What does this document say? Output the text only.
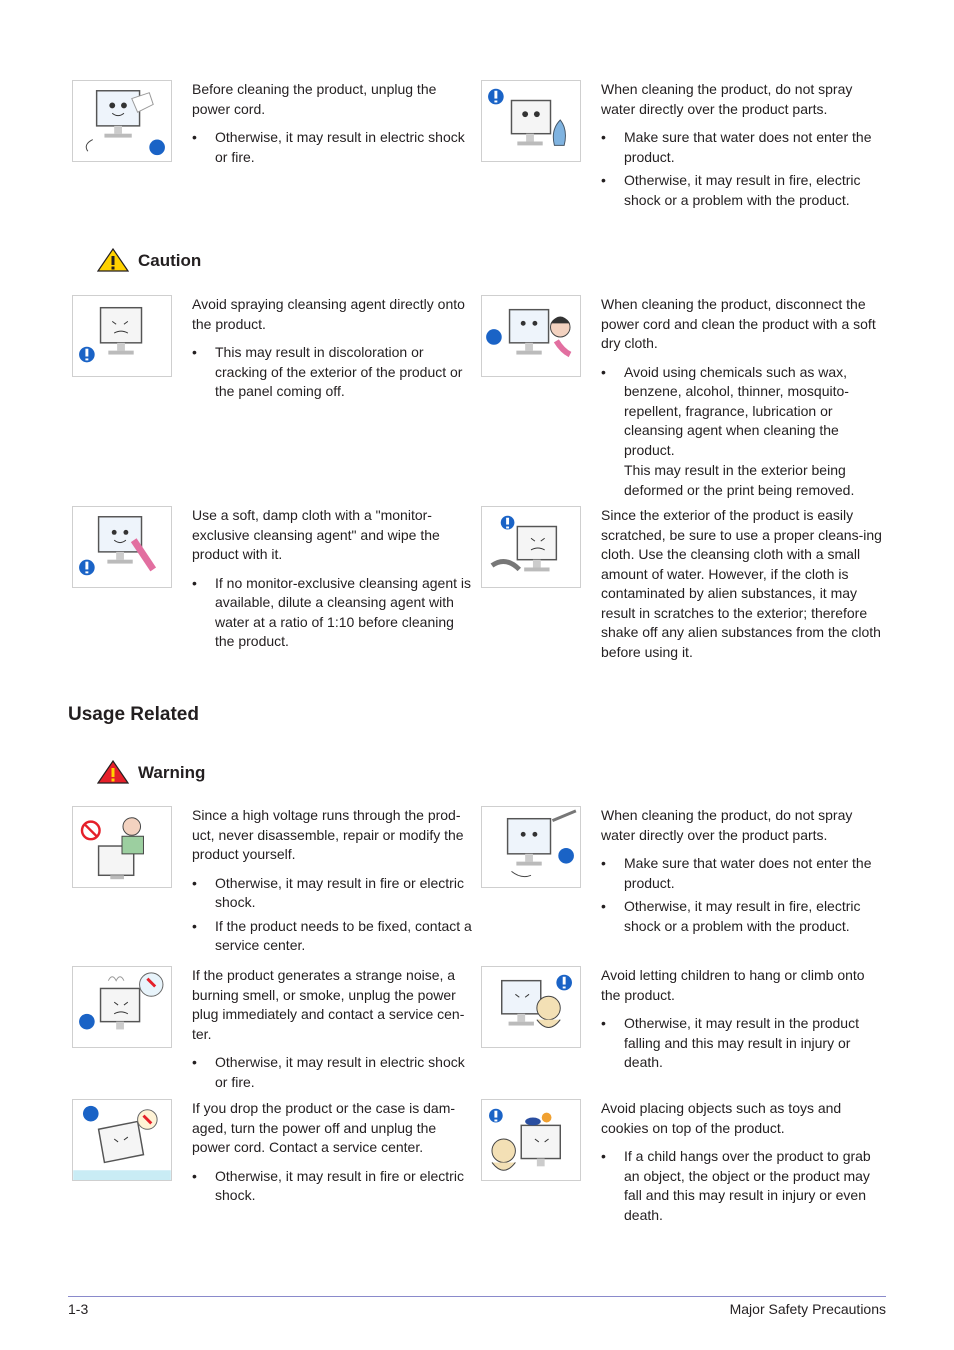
Before cleaning the product, unplug the power cord.

• Otherwise, it may result in electric shock or fire.

When cleaning the product, do not spray water directly over the product parts.

• Make sure that water does not enter the product.
• Otherwise, it may result in fire, electric shock or a problem with the product.
Caution

Avoid spraying cleansing agent directly onto the product.

• This may result in discoloration or cracking of the exterior of the product or the panel coming off.

When cleaning the product, disconnect the power cord and clean the product with a soft dry cloth.

• Avoid using chemicals such as wax, benzene, alcohol, thinner, mosquito-repellent, fragrance, lubrication or cleansing agent when cleaning the product.
This may result in the exterior being deformed or the print being removed.

Use a soft, damp cloth with a "monitor-exclusive cleansing agent" and wipe the product with it.

• If no monitor-exclusive cleansing agent is available, dilute a cleansing agent with water at a ratio of 1:10 before cleaning the product.

Since the exterior of the product is easily scratched, be sure to use a proper cleans-ing cloth. Use the cleansing cloth with a small amount of water. However, if the cloth is contaminated by alien substances, it may result in scratches to the exterior; therefore shake off any alien substances from the cloth before using it.

Usage Related
Warning

Since a high voltage runs through the prod-uct, never disassemble, repair or modify the product yourself.

• Otherwise, it may result in fire or electric shock.
• If the product needs to be fixed, contact a service center.

When cleaning the product, do not spray water directly over the product parts.

• Make sure that water does not enter the product.
• Otherwise, it may result in fire, electric shock or a problem with the product.

If the product generates a strange noise, a burning smell, or smoke, unplug the power plug immediately and contact a service cen-ter.

• Otherwise, it may result in electric shock or fire.

Avoid letting children to hang or climb onto the product.

• Otherwise, it may result in the product falling and this may result in injury or death.

If you drop the product or the case is dam-aged, turn the power off and unplug the power cord. Contact a service center.

• Otherwise, it may result in fire or electric shock.

Avoid placing objects such as toys and cookies on top of the product.

• If a child hangs over the product to grab an object, the object or the product may fall and this may result in injury or even death.
1-3	Major Safety Precautions
